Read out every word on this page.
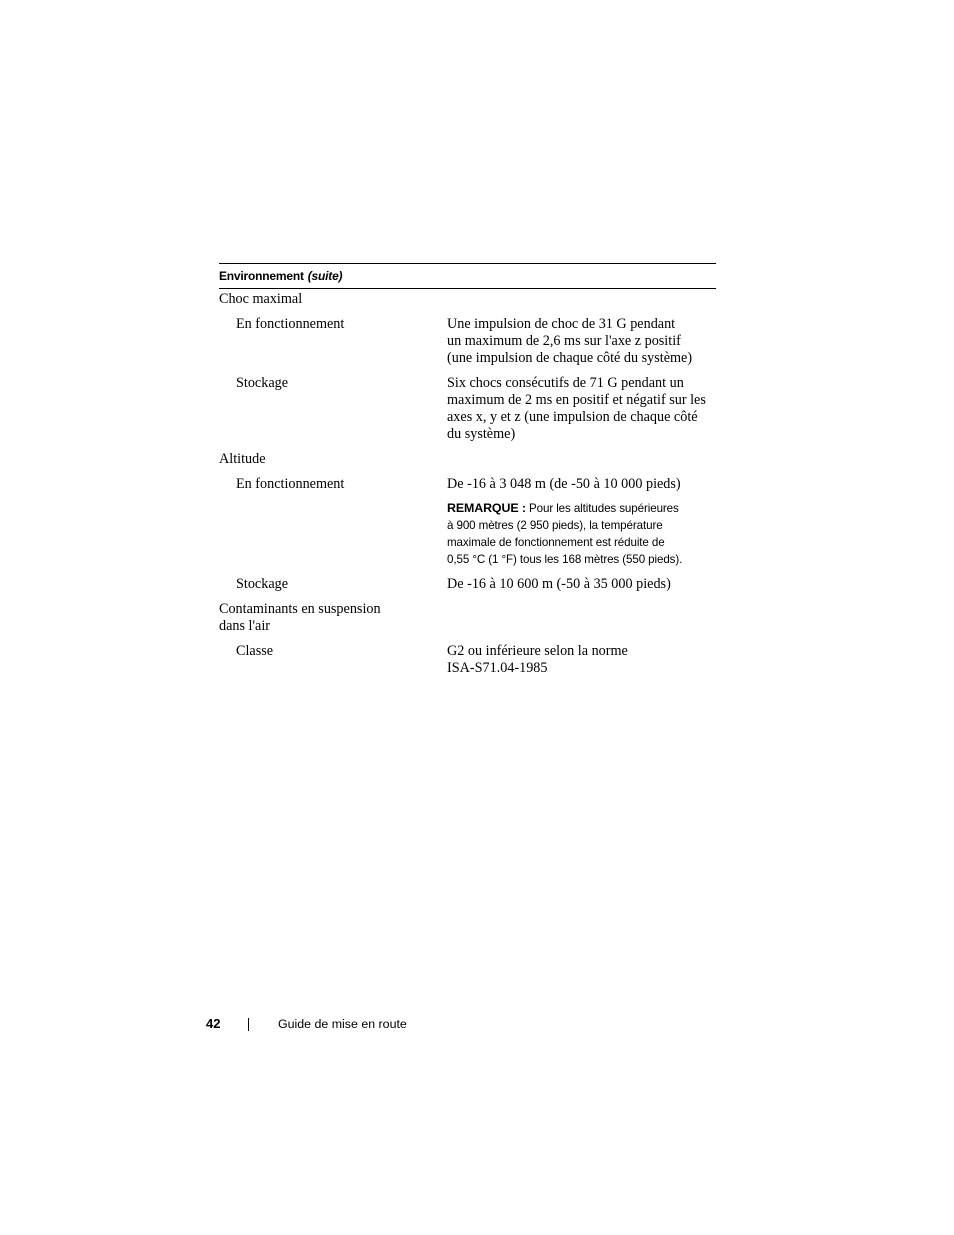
Environnement (suite)
Choc maximal
En fonctionnement	Une impulsion de choc de 31 G pendant
un maximum de 2,6 ms sur l'axe z positif
(une impulsion de chaque côté du système)
Stockage	Six chocs consécutifs de 71 G pendant un
maximum de 2 ms en positif et négatif sur les
axes x, y et z (une impulsion de chaque côté
du système)
Altitude
En fonctionnement	De -16 à 3 048 m (de -50 à 10 000 pieds)
REMARQUE : Pour les altitudes supérieures
à 900 mètres (2 950 pieds), la température
maximale de fonctionnement est réduite de
0,55 °C (1 °F) tous les 168 mètres (550 pieds).
Stockage	De -16 à 10 600 m (-50 à 35 000 pieds)
Contaminants en suspension
dans l'air
Classe	G2 ou inférieure selon la norme
ISA-S71.04-1985
42	Guide de mise en route
